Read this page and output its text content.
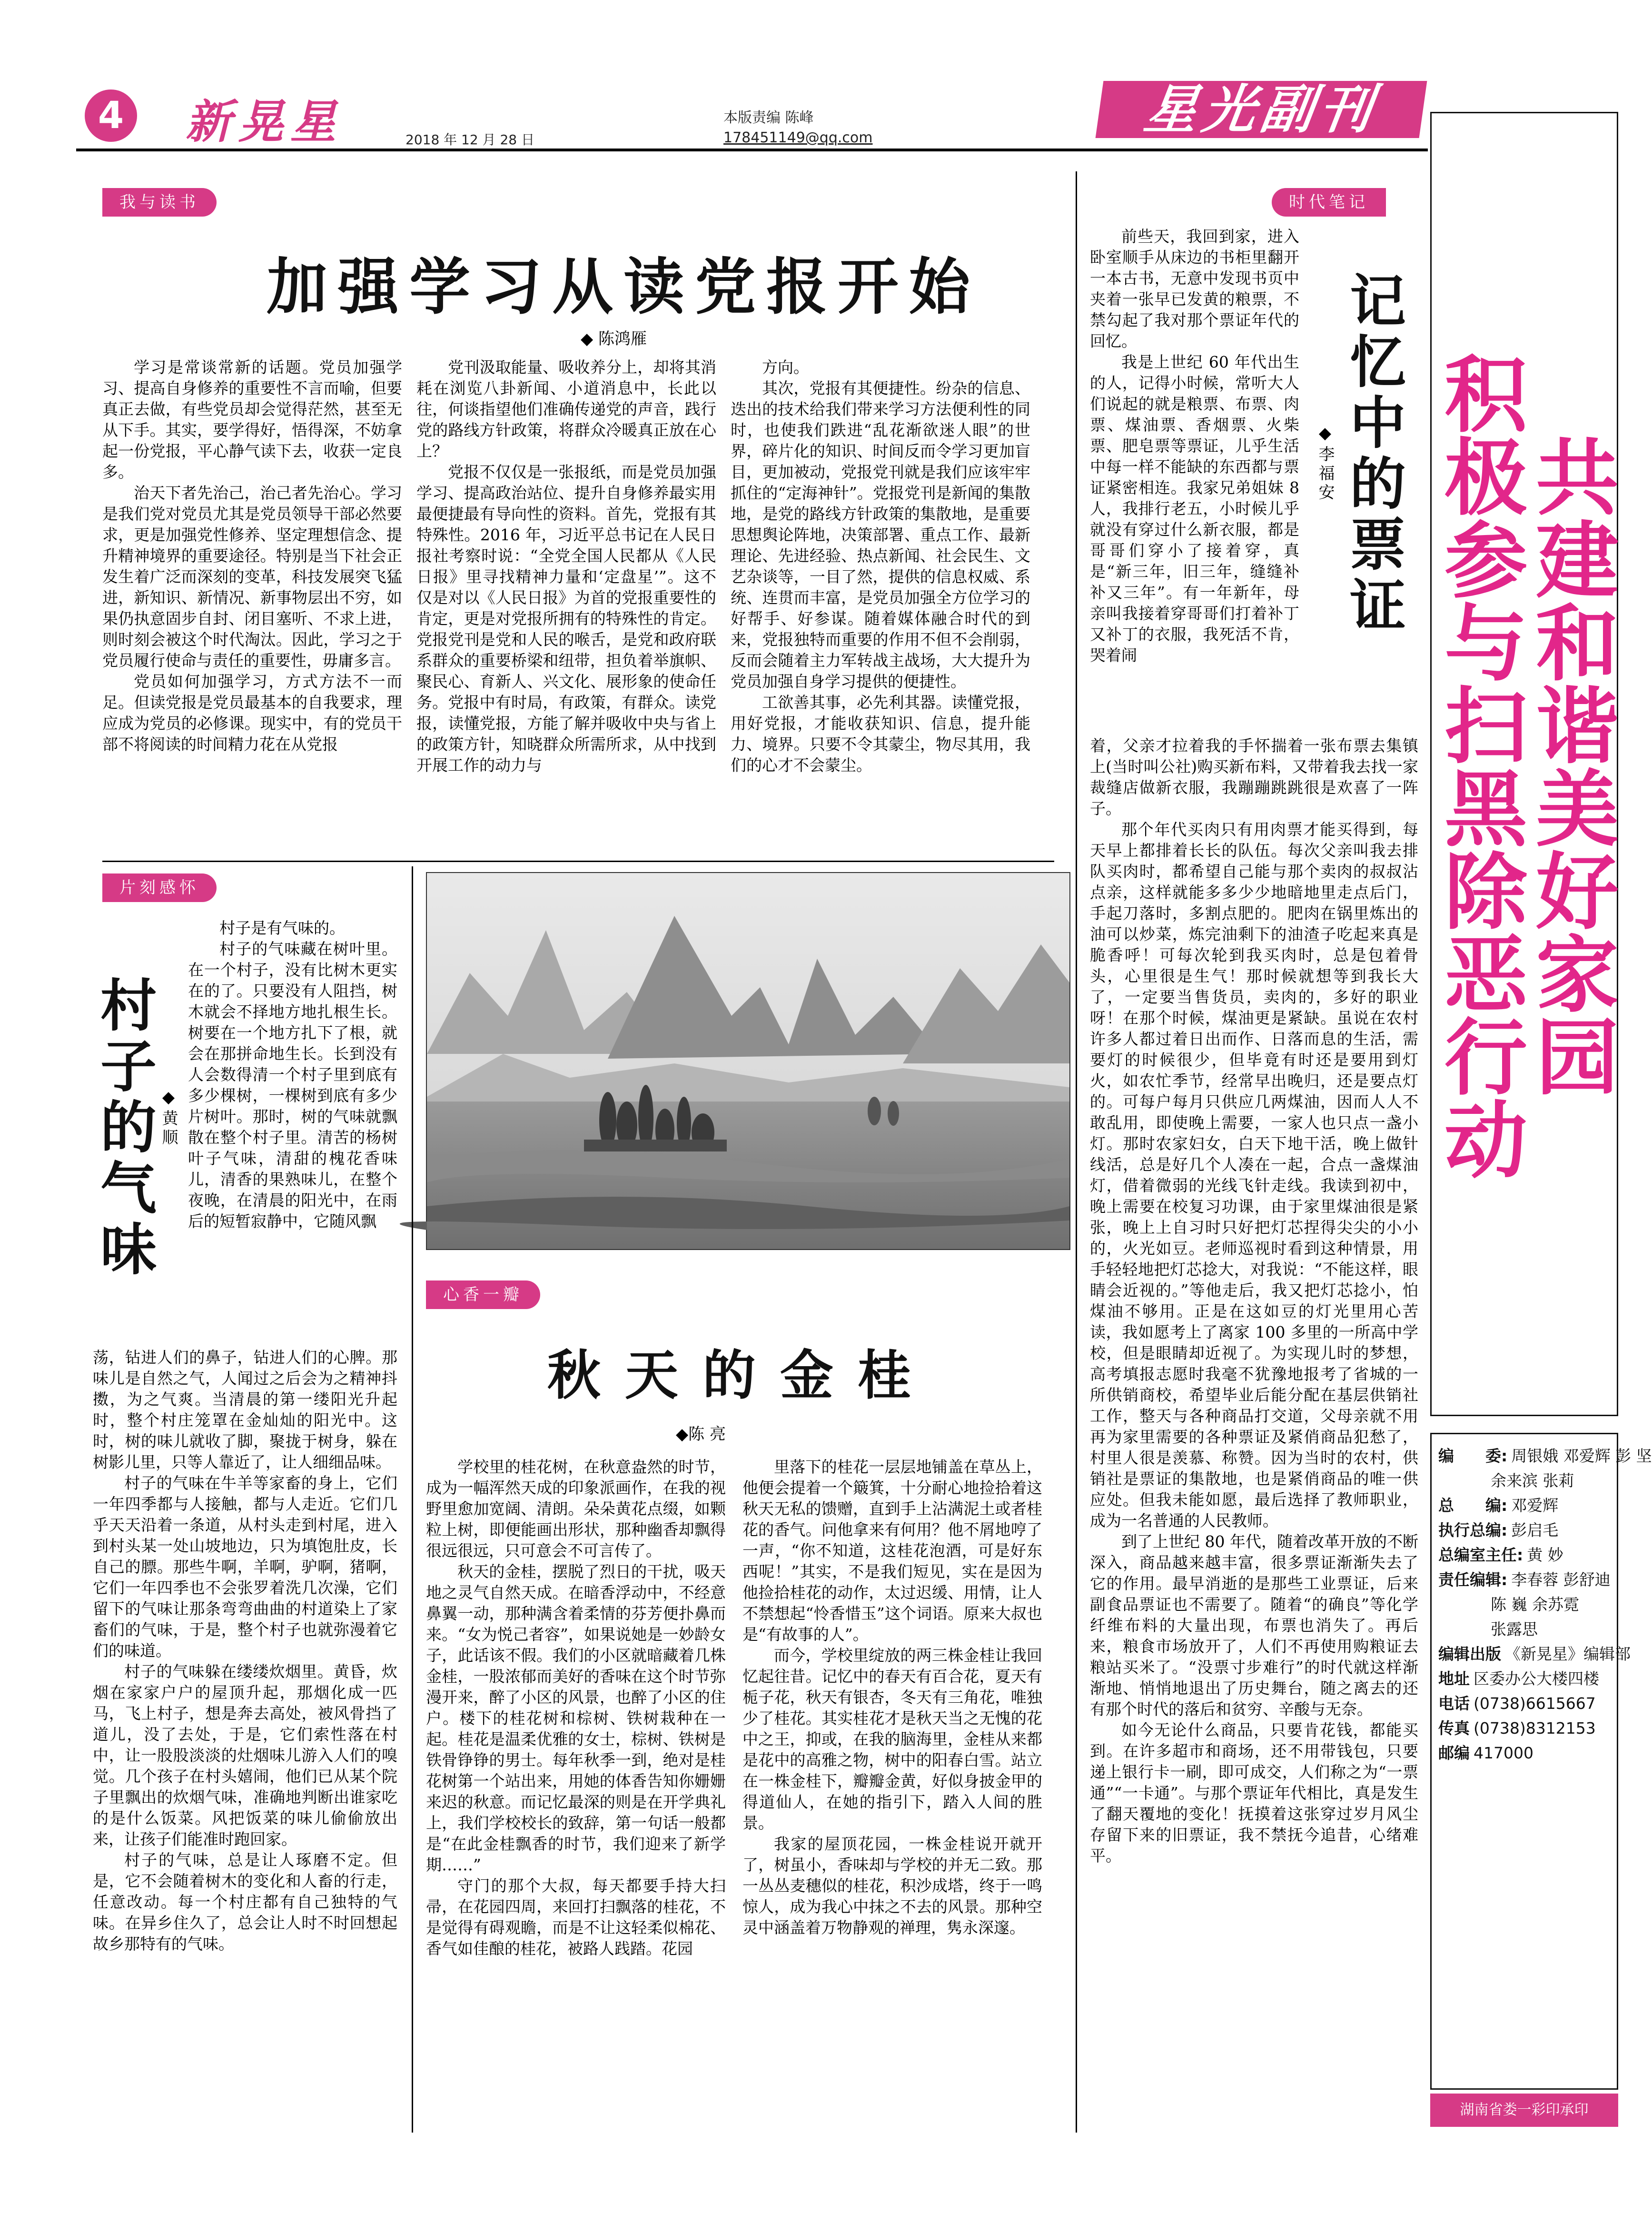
4 新晃星	2018 年 12 月 28 日
本版责编 陈峰
178451149@qq.com	星光副刊
积极参与扫黑除恶行动
共建和谐美好家园
编　　委: 周银娥 邓爱辉 彭 坚
余来滨 张莉
总　　编: 邓爱辉
执行总编: 彭启毛
总编室主任: 黄 妙
责任编辑: 李春蓉 彭舒迪
陈 巍 余苏霓
张露思
编辑出版 《新晃星》编辑部
地址 区委办公大楼四楼
电话 (0738)6615667
传真 (0738)8312153
邮编 417000
湖南省娄一彩印承印
我与读书
加强学习从读党报开始
◆ 陈鸿雁

学习是常谈常新的话题。党员加强学习、提高自身修养的重要性不言而喻，但要真正去做，有些党员却会觉得茫然，甚至无从下手。其实，要学得好，悟得深，不妨拿起一份党报，平心静气读下去，收获一定良多。

治天下者先治己，治己者先治心。学习是我们党对党员尤其是党员领导干部必然要求，更是加强党性修养、坚定理想信念、提升精神境界的重要途径。特别是当下社会正发生着广泛而深刻的变革，科技发展突飞猛进，新知识、新情况、新事物层出不穷，如果仍执意固步自封、闭目塞听、不求上进，则时刻会被这个时代淘汰。因此，学习之于党员履行使命与责任的重要性，毋庸多言。

党员如何加强学习，方式方法不一而足。但读党报是党员最基本的自我要求，理应成为党员的必修课。现实中，有的党员干部不将阅读的时间精力花在从党报

党刊汲取能量、吸收养分上，却将其消耗在浏览八卦新闻、小道消息中，长此以往，何谈指望他们准确传递党的声音，践行党的路线方针政策，将群众冷暖真正放在心上？

党报不仅仅是一张报纸，而是党员加强学习、提高政治站位、提升自身修养最实用最便捷最有导向性的资料。首先，党报有其特殊性。2016 年，习近平总书记在人民日报社考察时说：“全党全国人民都从《人民日报》里寻找精神力量和‘定盘星’”。这不仅是对以《人民日报》为首的党报重要性的肯定，更是对党报所拥有的特殊性的肯定。党报党刊是党和人民的喉舌，是党和政府联系群众的重要桥梁和纽带，担负着举旗帜、聚民心、育新人、兴文化、展形象的使命任务。党报中有时局，有政策，有群众。读党报，读懂党报，方能了解并吸收中央与省上的政策方针，知晓群众所需所求，从中找到开展工作的动力与

方向。

其次，党报有其便捷性。纷杂的信息、迭出的技术给我们带来学习方法便利性的同时，也使我们跌进“乱花渐欲迷人眼”的世界，碎片化的知识、时间反而令学习更加盲目，更加被动，党报党刊就是我们应该牢牢抓住的“定海神针”。党报党刊是新闻的集散地，是党的路线方针政策的集散地，是重要思想舆论阵地，决策部署、重点工作、最新理论、先进经验、热点新闻、社会民生、文艺杂谈等，一目了然，提供的信息权威、系统、连贯而丰富，是党员加强全方位学习的好帮手、好参谋。随着媒体融合时代的到来，党报独特而重要的作用不但不会削弱，反而会随着主力军转战主战场，大大提升为党员加强自身学习提供的便捷性。

工欲善其事，必先利其器。读懂党报，用好党报，才能收获知识、信息，提升能力、境界。只要不令其蒙尘，物尽其用，我们的心才不会蒙尘。

时代笔记
记忆中的票证
◆李福安

前些天，我回到家，进入卧室顺手从床边的书柜里翻开一本古书，无意中发现书页中夹着一张早已发黄的粮票，不禁勾起了我对那个票证年代的回忆。

我是上世纪 60 年代出生的人，记得小时候，常听大人们说起的就是粮票、布票、肉票、煤油票、香烟票、火柴票、肥皂票等票证，儿乎生活中每一样不能缺的东西都与票证紧密相连。我家兄弟姐妹 8 人，我排行老五，小时候儿乎就没有穿过什么新衣服，都是哥哥们穿小了接着穿，真是“新三年，旧三年，缝缝补补又三年”。有一年新年，母亲叫我接着穿哥哥们打着补丁又补丁的衣服，我死活不肯，哭着闹

着，父亲才拉着我的手怀揣着一张布票去集镇上(当时叫公社)购买新布料，又带着我去找一家裁缝店做新衣服，我蹦蹦跳跳很是欢喜了一阵子。

那个年代买肉只有用肉票才能买得到，每天早上都排着长长的队伍。每次父亲叫我去排队买肉时，都希望自己能与那个卖肉的叔叔沾点亲，这样就能多多少少地暗地里走点后门，手起刀落时，多割点肥的。肥肉在锅里炼出的油可以炒菜，炼完油剩下的油渣子吃起来真是脆香呼！可每次轮到我买肉时，总是包着骨头，心里很是生气！那时候就想等到我长大了，一定要当售货员，卖肉的，多好的职业呀！在那个时候，煤油更是紧缺。虽说在农村许多人都过着日出而作、日落而息的生活，需要灯的时候很少，但毕竟有时还是要用到灯火，如农忙季节，经常早出晚归，还是要点灯的。可每户每月只供应几两煤油，因而人人不敢乱用，即使晚上需要，一家人也只点一盏小灯。那时农家妇女，白天下地干活，晚上做针线活，总是好几个人凑在一起，合点一盏煤油灯，借着微弱的光线飞针走线。我读到初中，晚上需要在校复习功课，由于家里煤油很是紧张，晚上上自习时只好把灯芯捏得尖尖的小小的，火光如豆。老师巡视时看到这种情景，用手轻轻地把灯芯捻大，对我说：“不能这样，眼睛会近视的。”等他走后，我又把灯芯捻小，怕煤油不够用。正是在这如豆的灯光里用心苦读，我如愿考上了离家 100 多里的一所高中学校，但是眼睛却近视了。为实现儿时的梦想，高考填报志愿时我毫不犹豫地报考了省城的一所供销商校，希望毕业后能分配在基层供销社工作，整天与各种商品打交道，父母亲就不用再为家里需要的各种票证及紧俏商品犯愁了，村里人很是羡慕、称赞。因为当时的农村，供销社是票证的集散地，也是紧俏商品的唯一供应处。但我未能如愿，最后选择了教师职业，成为一名普通的人民教师。

到了上世纪 80 年代，随着改革开放的不断深入，商品越来越丰富，很多票证渐渐失去了它的作用。最早消逝的是那些工业票证，后来副食品票证也不需要了。随着“的确良”等化学纤维布料的大量出现，布票也消失了。再后来，粮食市场放开了，人们不再使用购粮证去粮站买米了。“没票寸步难行”的时代就这样渐渐地、悄悄地退出了历史舞台，随之离去的还有那个时代的落后和贫穷、辛酸与无奈。

如今无论什么商品，只要肯花钱，都能买到。在许多超市和商场，还不用带钱包，只要递上银行卡一刷，即可成交，人们称之为“一票通”“一卡通”。与那个票证年代相比，真是发生了翻天覆地的变化！抚摸着这张穿过岁月风尘存留下来的旧票证，我不禁抚今追昔，心绪难平。

片刻感怀
村子的气味 ◆黄顺

村子是有气味的。

村子的气味藏在树叶里。在一个村子，没有比树木更实在的了。只要没有人阻挡，树木就会不择地方地扎根生长。树要在一个地方扎下了根，就会在那拼命地生长。长到没有人会数得清一个村子里到底有多少棵树，一棵树到底有多少片树叶。那时，树的气味就飘散在整个村子里。清苦的杨树叶子气味，清甜的槐花香味儿，清香的果熟味儿，在整个夜晚，在清晨的阳光中，在雨后的短暂寂静中，它随风飘

荡，钻进人们的鼻子，钻进人们的心脾。那味儿是自然之气，人闻过之后会为之精神抖擞，为之气爽。当清晨的第一缕阳光升起时，整个村庄笼罩在金灿灿的阳光中。这时，树的味儿就收了脚，聚拢于树身，躲在树影儿里，只等人靠近了，让人细细品味。

村子的气味在牛羊等家畜的身上，它们一年四季都与人接触，都与人走近。它们几乎天天沿着一条道，从村头走到村尾，进入到村头某一处山坡地边，只为填饱肚皮，长自己的膘。那些牛啊，羊啊，驴啊，猪啊，它们一年四季也不会张罗着洗几次澡，它们留下的气味让那条弯弯曲曲的村道染上了家畜们的气味，于是，整个村子也就弥漫着它们的味道。

村子的气味躲在缕缕炊烟里。黄昏，炊烟在家家户户的屋顶升起，那烟化成一匹马，飞上村子，想是奔去高处，被风骨挡了道儿，没了去处，于是，它们索性落在村中，让一股股淡淡的灶烟味儿游入人们的嗅觉。几个孩子在村头嬉闹，他们已从某个院子里飘出的炊烟气味，准确地判断出谁家吃的是什么饭菜。风把饭菜的味儿偷偷放出来，让孩子们能准时跑回家。

村子的气味，总是让人琢磨不定。但是，它不会随着树木的变化和人畜的行走，任意改动。每一个村庄都有自己独特的气味。在异乡住久了，总会让人时不时回想起故乡那特有的气味。

心香一瓣
秋 天 的 金 桂
◆陈 亮

学校里的桂花树，在秋意盎然的时节，成为一幅浑然天成的印象派画作，在我的视野里愈加宽阔、清朗。朵朵黄花点缀，如颗粒上树，即便能画出形状，那种幽香却飘得很远很远，只可意会不可言传了。

秋天的金桂，摆脱了烈日的干扰，吸天地之灵气自然天成。在暗香浮动中，不经意鼻翼一动，那种满含着柔情的芬芳便扑鼻而来。“女为悦己者容”，如果说她是一妙龄女子，此话该不假。我们的小区就暗藏着几株金桂，一股浓郁而美好的香味在这个时节弥漫开来，醉了小区的风景，也醉了小区的住户。楼下的桂花树和棕树、铁树栽种在一起。桂花是温柔优雅的女士，棕树、铁树是铁骨铮铮的男士。每年秋季一到，绝对是桂花树第一个站出来，用她的体香告知你姗姗来迟的秋意。而记忆最深的则是在开学典礼上，我们学校校长的致辞，第一句话一般都是“在此金桂飘香的时节，我们迎来了新学期……”

守门的那个大叔，每天都要手持大扫帚，在花园四周，来回打扫飘落的桂花，不是觉得有碍观瞻，而是不让这轻柔似棉花、香气如佳酿的桂花，被路人践踏。花园

里落下的桂花一层层地铺盖在草丛上，他便会提着一个簸箕，十分耐心地捡拾着这秋天无私的馈赠，直到手上沾满泥土或者桂花的香气。问他拿来有何用？他不屑地哼了一声，“你不知道，这桂花泡酒，可是好东西呢！”其实，不是我们短见，实在是因为他捡拾桂花的动作，太过迟缓、用情，让人不禁想起“怜香惜玉”这个词语。原来大叔也是“有故事的人”。

而今，学校里绽放的两三株金桂让我回忆起往昔。记忆中的春天有百合花，夏天有栀子花，秋天有银杏，冬天有三角花，唯独少了桂花。其实桂花才是秋天当之无愧的花中之王，抑或，在我的脑海里，金桂从来都是花中的高雅之物，树中的阳春白雪。站立在一株金桂下，瓣瓣金黄，好似身披金甲的得道仙人，在她的指引下，踏入人间的胜景。

我家的屋顶花园，一株金桂说开就开了，树虽小，香味却与学校的并无二致。那一丛丛麦穗似的桂花，积沙成塔，终于一鸣惊人，成为我心中抹之不去的风景。那种空灵中涵盖着万物静观的禅理，隽永深邃。
